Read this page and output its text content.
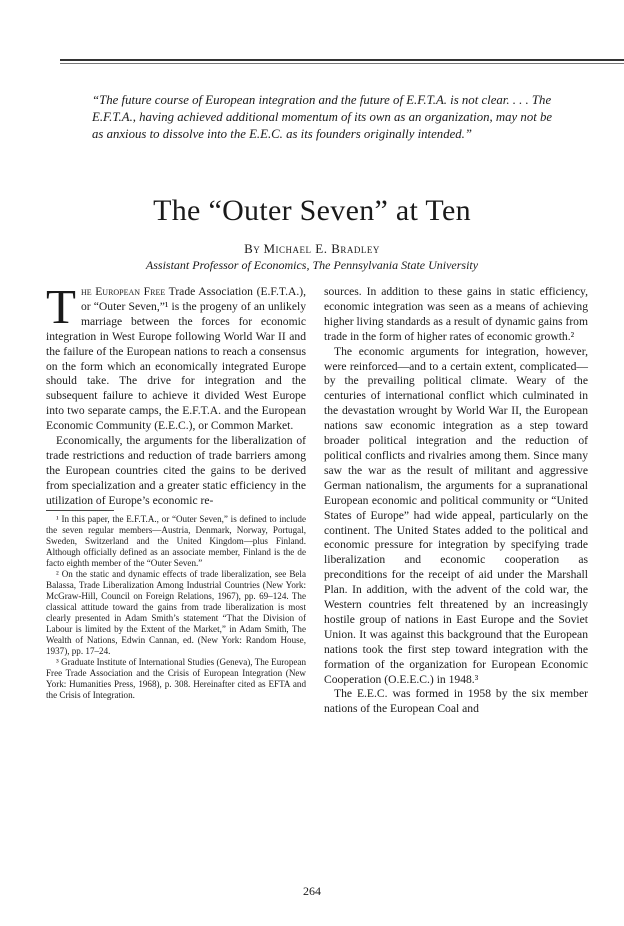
“The future course of European integration and the future of E.F.T.A. is not clear. . . . The E.F.T.A., having achieved additional momentum of its own as an organization, may not be as anxious to dissolve into the E.E.C. as its founders originally intended.”
The “Outer Seven” at Ten
By Michael E. Bradley
Assistant Professor of Economics, The Pennsylvania State University

The European Free Trade Association (E.F.T.A.), or “Outer Seven,”¹ is the progeny of an unlikely marriage between the forces for economic integration in West Europe following World War II and the failure of the European nations to reach a consensus on the form which an economically integrated Europe should take. The drive for integration and the subsequent failure to achieve it divided West Europe into two separate camps, the E.F.T.A. and the European Economic Community (E.E.C.), or Common Market.

Economically, the arguments for the liberalization of trade restrictions and reduction of trade barriers among the European countries cited the gains to be derived from specialization and a greater static efficiency in the utilization of Europe’s economic re-

¹ In this paper, the E.F.T.A., or “Outer Seven,” is defined to include the seven regular members—Austria, Denmark, Norway, Portugal, Sweden, Switzerland and the United Kingdom—plus Finland. Although officially defined as an associate member, Finland is the de facto eighth member of the “Outer Seven.”

² On the static and dynamic effects of trade liberalization, see Bela Balassa, Trade Liberalization Among Industrial Countries (New York: McGraw-Hill, Council on Foreign Relations, 1967), pp. 69–124. The classical attitude toward the gains from trade liberalization is most clearly presented in Adam Smith’s statement “That the Division of Labour is limited by the Extent of the Market,” in Adam Smith, The Wealth of Nations, Edwin Cannan, ed. (New York: Random House, 1937), pp. 17–24.

³ Graduate Institute of International Studies (Geneva), The European Free Trade Association and the Crisis of European Integration (New York: Humanities Press, 1968), p. 308. Hereinafter cited as EFTA and the Crisis of Integration.

sources. In addition to these gains in static efficiency, economic integration was seen as a means of achieving higher living standards as a result of dynamic gains from trade in the form of higher rates of economic growth.²

The economic arguments for integration, however, were reinforced—and to a certain extent, complicated—by the prevailing political climate. Weary of the centuries of international conflict which culminated in the devastation wrought by World War II, the European nations saw economic integration as a step toward broader political integration and the reduction of political conflicts and rivalries among them. Since many saw the war as the result of militant and aggressive German nationalism, the arguments for a supranational European economic and political community or “United States of Europe” had wide appeal, particularly on the continent. The United States added to the political and economic pressure for integration by specifying trade liberalization and economic cooperation as preconditions for the receipt of aid under the Marshall Plan. In addition, with the advent of the cold war, the Western countries felt threatened by an increasingly hostile group of nations in East Europe and the Soviet Union. It was against this background that the European nations took the first step toward integration with the formation of the organization for European Economic Cooperation (O.E.E.C.) in 1948.³

The E.E.C. was formed in 1958 by the six member nations of the European Coal and

264
